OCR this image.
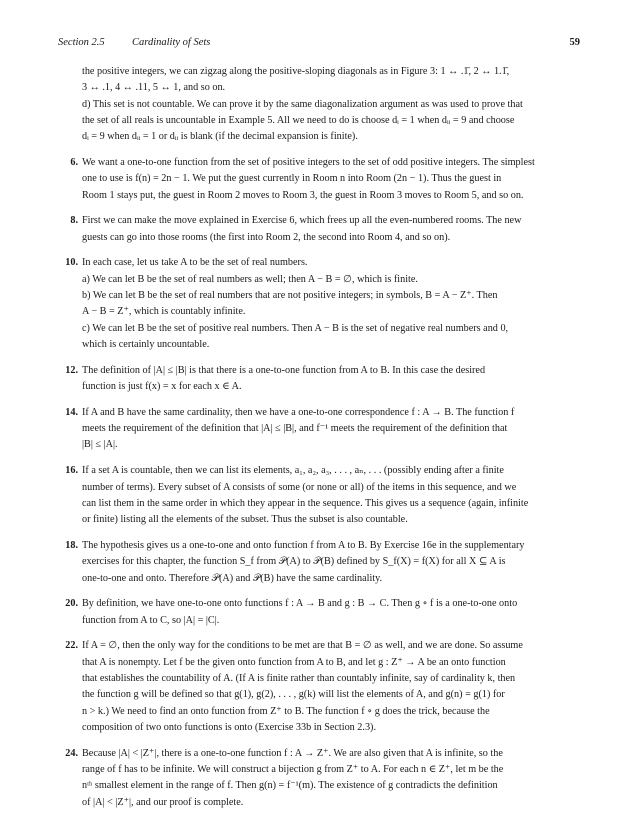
Section 2.5	Cardinality of Sets	59

the positive integers, we can zigzag along the positive-sloping diagonals as in Figure 3: 1 ↔ .1̄, 2 ↔ 1.1̄,

3 ↔ .1, 4 ↔ .11, 5 ↔ 1, and so on.

d) This set is not countable. We can prove it by the same diagonalization argument as was used to prove that

the set of all reals is uncountable in Example 5. All we need to do is choose dᵢ = 1 when dᵢᵢ = 9 and choose

dᵢ = 9 when dᵢᵢ = 1 or dᵢᵢ is blank (if the decimal expansion is finite).

6. We want a one-to-one function from the set of positive integers to the set of odd positive integers. The simplest

one to use is f(n) = 2n − 1. We put the guest currently in Room n into Room (2n − 1). Thus the guest in

Room 1 stays put, the guest in Room 2 moves to Room 3, the guest in Room 3 moves to Room 5, and so on.

8. First we can make the move explained in Exercise 6, which frees up all the even-numbered rooms. The new

guests can go into those rooms (the first into Room 2, the second into Room 4, and so on).

10. In each case, let us take A to be the set of real numbers.

a) We can let B be the set of real numbers as well; then A − B = ∅, which is finite.

b) We can let B be the set of real numbers that are not positive integers; in symbols, B = A − Z⁺. Then

A − B = Z⁺, which is countably infinite.

c) We can let B be the set of positive real numbers. Then A − B is the set of negative real numbers and 0,

which is certainly uncountable.

12. The definition of |A| ≤ |B| is that there is a one-to-one function from A to B. In this case the desired

function is just f(x) = x for each x ∈ A.

14. If A and B have the same cardinality, then we have a one-to-one correspondence f : A → B. The function f

meets the requirement of the definition that |A| ≤ |B|, and f⁻¹ meets the requirement of the definition that

|B| ≤ |A|.

16. If a set A is countable, then we can list its elements, a₁, a₂, a₃, . . . , aₙ, . . . (possibly ending after a finite

number of terms). Every subset of A consists of some (or none or all) of the items in this sequence, and we

can list them in the same order in which they appear in the sequence. This gives us a sequence (again, infinite

or finite) listing all the elements of the subset. Thus the subset is also countable.

18. The hypothesis gives us a one-to-one and onto function f from A to B. By Exercise 16e in the supplementary

exercises for this chapter, the function S_f from 𝒫(A) to 𝒫(B) defined by S_f(X) = f(X) for all X ⊆ A is

one-to-one and onto. Therefore 𝒫(A) and 𝒫(B) have the same cardinality.

20. By definition, we have one-to-one onto functions f : A → B and g : B → C. Then g ∘ f is a one-to-one onto

function from A to C, so |A| = |C|.

22. If A = ∅, then the only way for the conditions to be met are that B = ∅ as well, and we are done. So assume

that A is nonempty. Let f be the given onto function from A to B, and let g : Z⁺ → A be an onto function

that establishes the countability of A. (If A is finite rather than countably infinite, say of cardinality k, then

the function g will be defined so that g(1), g(2), . . . , g(k) will list the elements of A, and g(n) = g(1) for

n > k.) We need to find an onto function from Z⁺ to B. The function f ∘ g does the trick, because the

composition of two onto functions is onto (Exercise 33b in Section 2.3).

24. Because |A| < |Z⁺|, there is a one-to-one function f : A → Z⁺. We are also given that A is infinite, so the

range of f has to be infinite. We will construct a bijection g from Z⁺ to A. For each n ∈ Z⁺, let m be the

nᵗʰ smallest element in the range of f. Then g(n) = f⁻¹(m). The existence of g contradicts the definition

of |A| < |Z⁺|, and our proof is complete.
